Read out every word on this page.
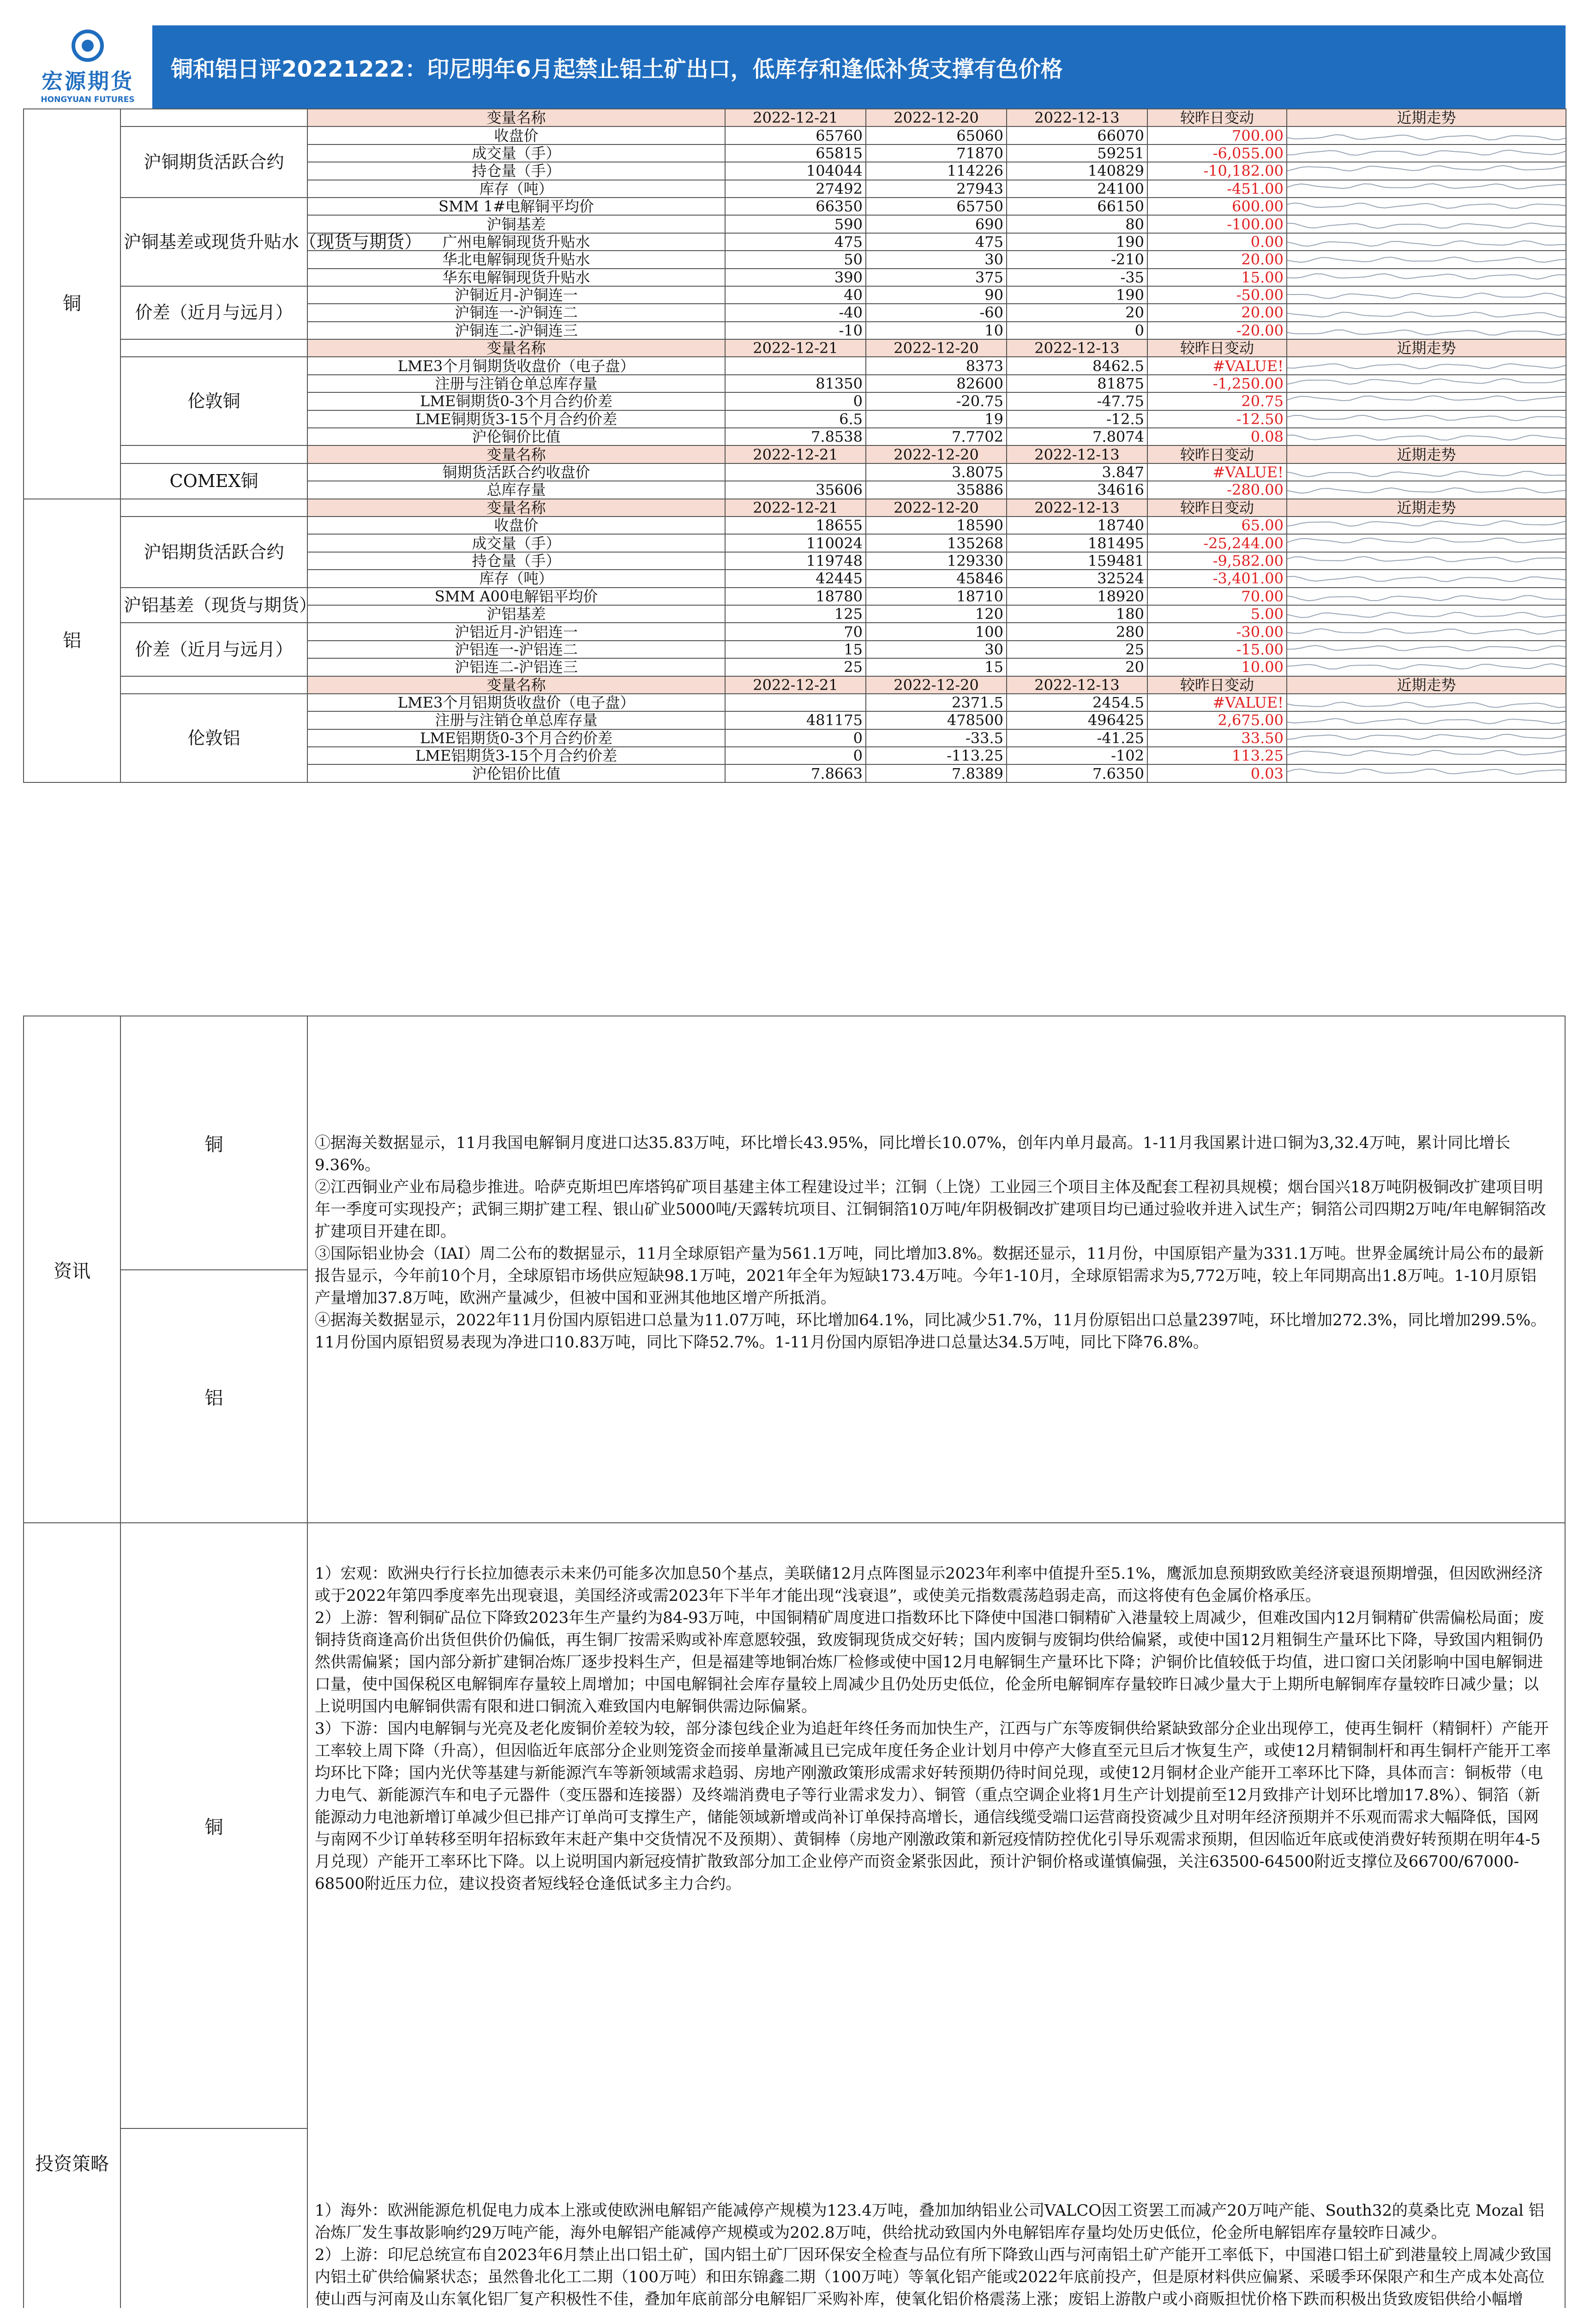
宏源期货
HONGYUAN FUTURES
铜和铝日评20221222：印尼明年6月起禁止铝土矿出口，低库存和逢低补货支撑有色价格
铜		变量名称	2022-12-21	2022-12-20	2022-12-13	较昨日变动	近期走势
	沪铜期货活跃合约	收盘价	65760	65060	66070	700.00	

		成交量（手）	65815	71870	59251	-6,055.00	

		持仓量（手）	104044	114226	140829	-10,182.00	

		库存（吨）	27492	27943	24100	-451.00	

	沪铜基差或现货升贴水（现货与期货）	SMM 1#电解铜平均价	66350	65750	66150	600.00	

		沪铜基差	590	690	80	-100.00	

		广州电解铜现货升贴水	475	475	190	0.00	

		华北电解铜现货升贴水	50	30	-210	20.00	

		华东电解铜现货升贴水	390	375	-35	15.00	

	价差（近月与远月）	沪铜近月-沪铜连一	40	90	190	-50.00	

		沪铜连一-沪铜连二	-40	-60	20	20.00	

		沪铜连二-沪铜连三	-10	10	0	-20.00	

		变量名称	2022-12-21	2022-12-20	2022-12-13	较昨日变动	近期走势
	伦敦铜	LME3个月铜期货收盘价（电子盘）		8373	8462.5	#VALUE!	

		注册与注销仓单总库存量	81350	82600	81875	-1,250.00	

		LME铜期货0-3个月合约价差	0	-20.75	-47.75	20.75	

		LME铜期货3-15个月合约价差	6.5	19	-12.5	-12.50	

		沪伦铜价比值	7.8538	7.7702	7.8074	0.08	

		变量名称	2022-12-21	2022-12-20	2022-12-13	较昨日变动	近期走势
	COMEX铜	铜期货活跃合约收盘价		3.8075	3.847	#VALUE!	

		总库存量	35606	35886	34616	-280.00	

铝		变量名称	2022-12-21	2022-12-20	2022-12-13	较昨日变动	近期走势
	沪铝期货活跃合约	收盘价	18655	18590	18740	65.00	

		成交量（手）	110024	135268	181495	-25,244.00	

		持仓量（手）	119748	129330	159481	-9,582.00	

		库存（吨）	42445	45846	32524	-3,401.00	

	沪铝基差（现货与期货）	SMM A00电解铝平均价	18780	18710	18920	70.00	

		沪铝基差	125	120	180	5.00	

	价差（近月与远月）	沪铝近月-沪铝连一	70	100	280	-30.00	

		沪铝连一-沪铝连二	15	30	25	-15.00	

		沪铝连二-沪铝连三	25	15	20	10.00	

		变量名称	2022-12-21	2022-12-20	2022-12-13	较昨日变动	近期走势
	伦敦铝	LME3个月铝期货收盘价（电子盘）		2371.5	2454.5	#VALUE!	

		注册与注销仓单总库存量	481175	478500	496425	2,675.00	

		LME铝期货0-3个月合约价差	0	-33.5	-41.25	33.50	

		LME铝期货3-15个月合约价差	0	-113.25	-102	113.25	

		沪伦铝价比值	7.8663	7.8389	7.6350	0.03	
资讯
铜
铝
①据海关数据显示，11月我国电解铜月度进口达35.83万吨，环比增长43.95%，同比增长10.07%，创年内单月最高。1-11月我国累计进口铜为3,32.4万吨，累计同比增长9.36%。
②江西铜业产业布局稳步推进。哈萨克斯坦巴库塔钨矿项目基建主体工程建设过半；江铜（上饶）工业园三个项目主体及配套工程初具规模；烟台国兴18万吨阴极铜改扩建项目明年一季度可实现投产；武铜三期扩建工程、银山矿业5000吨/天露转坑项目、江铜铜箔10万吨/年阴极铜改扩建项目均已通过验收并进入试生产；铜箔公司四期2万吨/年电解铜箔改扩建项目开建在即。
③国际铝业协会（IAI）周二公布的数据显示，11月全球原铝产量为561.1万吨，同比增加3.8%。数据还显示，11月份，中国原铝产量为331.1万吨。世界金属统计局公布的最新报告显示，今年前10个月，全球原铝市场供应短缺98.1万吨，2021年全年为短缺173.4万吨。今年1-10月，全球原铝需求为5,772万吨，较上年同期高出1.8万吨。1-10月原铝产量增加37.8万吨，欧洲产量减少，但被中国和亚洲其他地区增产所抵消。
④据海关数据显示，2022年11月份国内原铝进口总量为11.07万吨，环比增加64.1%，同比减少51.7%，11月份原铝出口总量2397吨，环比增加272.3%，同比增加299.5%。11月份国内原铝贸易表现为净进口10.83万吨，同比下降52.7%。1-11月份国内原铝净进口总量达34.5万吨，同比下降76.8%。
投资策略
铜
1）宏观：欧洲央行行长拉加德表示未来仍可能多次加息50个基点，美联储12月点阵图显示2023年利率中值提升至5.1%，鹰派加息预期致欧美经济衰退预期增强，但因欧洲经济或于2022年第四季度率先出现衰退，美国经济或需2023年下半年才能出现“浅衰退”，或使美元指数震荡趋弱走高，而这将使有色金属价格承压。
2）上游：智利铜矿品位下降致2023年生产量约为84-93万吨，中国铜精矿周度进口指数环比下降使中国港口铜精矿入港量较上周减少，但难改国内12月铜精矿供需偏松局面；废铜持货商逢高价出货但供价仍偏低，再生铜厂按需采购或补库意愿较强，致废铜现货成交好转；国内废铜与废铜均供给偏紧，或使中国12月粗铜生产量环比下降，导致国内粗铜仍然供需偏紧；国内部分新扩建铜冶炼厂逐步投料生产，但是福建等地铜冶炼厂检修或使中国12月电解铜生产量环比下降；沪铜价比值较低于均值，进口窗口关闭影响中国电解铜进口量，使中国保税区电解铜库存量较上周增加；中国电解铜社会库存量较上周减少且仍处历史低位，伦金所电解铜库存量较昨日减少量大于上期所电解铜库存量较昨日减少量；以上说明国内电解铜供需有限和进口铜流入难致国内电解铜供需边际偏紧。
3）下游：国内电解铜与光亮及老化废铜价差较为较，部分漆包线企业为追赶年终任务而加快生产，江西与广东等废铜供给紧缺致部分企业出现停工，使再生铜杆（精铜杆）产能开工率较上周下降（升高），但因临近年底部分企业则笼资金而接单量渐减且已完成年度任务企业计划月中停产大修直至元旦后才恢复生产，或使12月精铜制杆和再生铜杆产能开工率均环比下降；国内光伏等基建与新能源汽车等新领域需求趋弱、房地产刚激政策形成需求好转预期仍待时间兑现，或使12月铜材企业产能开工率环比下降，具体而言：铜板带（电力电气、新能源汽车和电子元器件（变压器和连接器）及终端消费电子等行业需求发力）、铜管（重点空调企业将1月生产计划提前至12月致排产计划环比增加17.8%）、铜箔（新能源动力电池新增订单减少但已排产订单尚可支撑生产，储能领域新增或尚补订单保持高增长，通信线缆受端口运营商投资减少且对明年经济预期并不乐观而需求大幅降低，国网与南网不少订单转移至明年招标致年末赶产集中交货情况不及预期）、黄铜棒（房地产刚激政策和新冠疫情防控优化引导乐观需求预期，但因临近年底或使消费好转预期在明年4-5月兑现）产能开工率环比下降。以上说明国内新冠疫情扩散致部分加工企业停产而资金紧张因此，预计沪铜价格或谨慎偏强，关注63500-64500附近支撑位及66700/67000-68500附近压力位，建议投资者短线轻仓逢低试多主力合约。
1）海外：欧洲能源危机促电力成本上涨或使欧洲电解铝产能减停产规模为123.4万吨，叠加加纳铝业公司VALCO因工资罢工而减产20万吨产能、South32的莫桑比克 Mozal 铝冶炼厂发生事故影响约29万吨产能，海外电解铝产能减停产规模或为202.8万吨，供给扰动致国内外电解铝库存量均处历史低位，伦金所电解铝库存量较昨日减少。
2）上游：印尼总统宣布自2023年6月禁止出口铝土矿，国内铝土矿厂因环保安全检查与品位有所下降致山西与河南铝土矿产能开工率低下，中国港口铝土矿到港量较上周减少致国内铝土矿供给偏紧状态；虽然鲁北化工二期（100万吨）和田东锦鑫二期（100万吨）等氧化铝产能或2022年底前投产，但是原材料供应偏紧、采暖季环保限产和生产成本处高位使山西与河南及山东氧化铝厂复产积极性不佳，叠加年底前部分电解铝厂采购补库，使氧化铝价格震荡上涨；废铝上游散户或小商贩担忧价格下跌而积极出货致废铝供给小幅增
